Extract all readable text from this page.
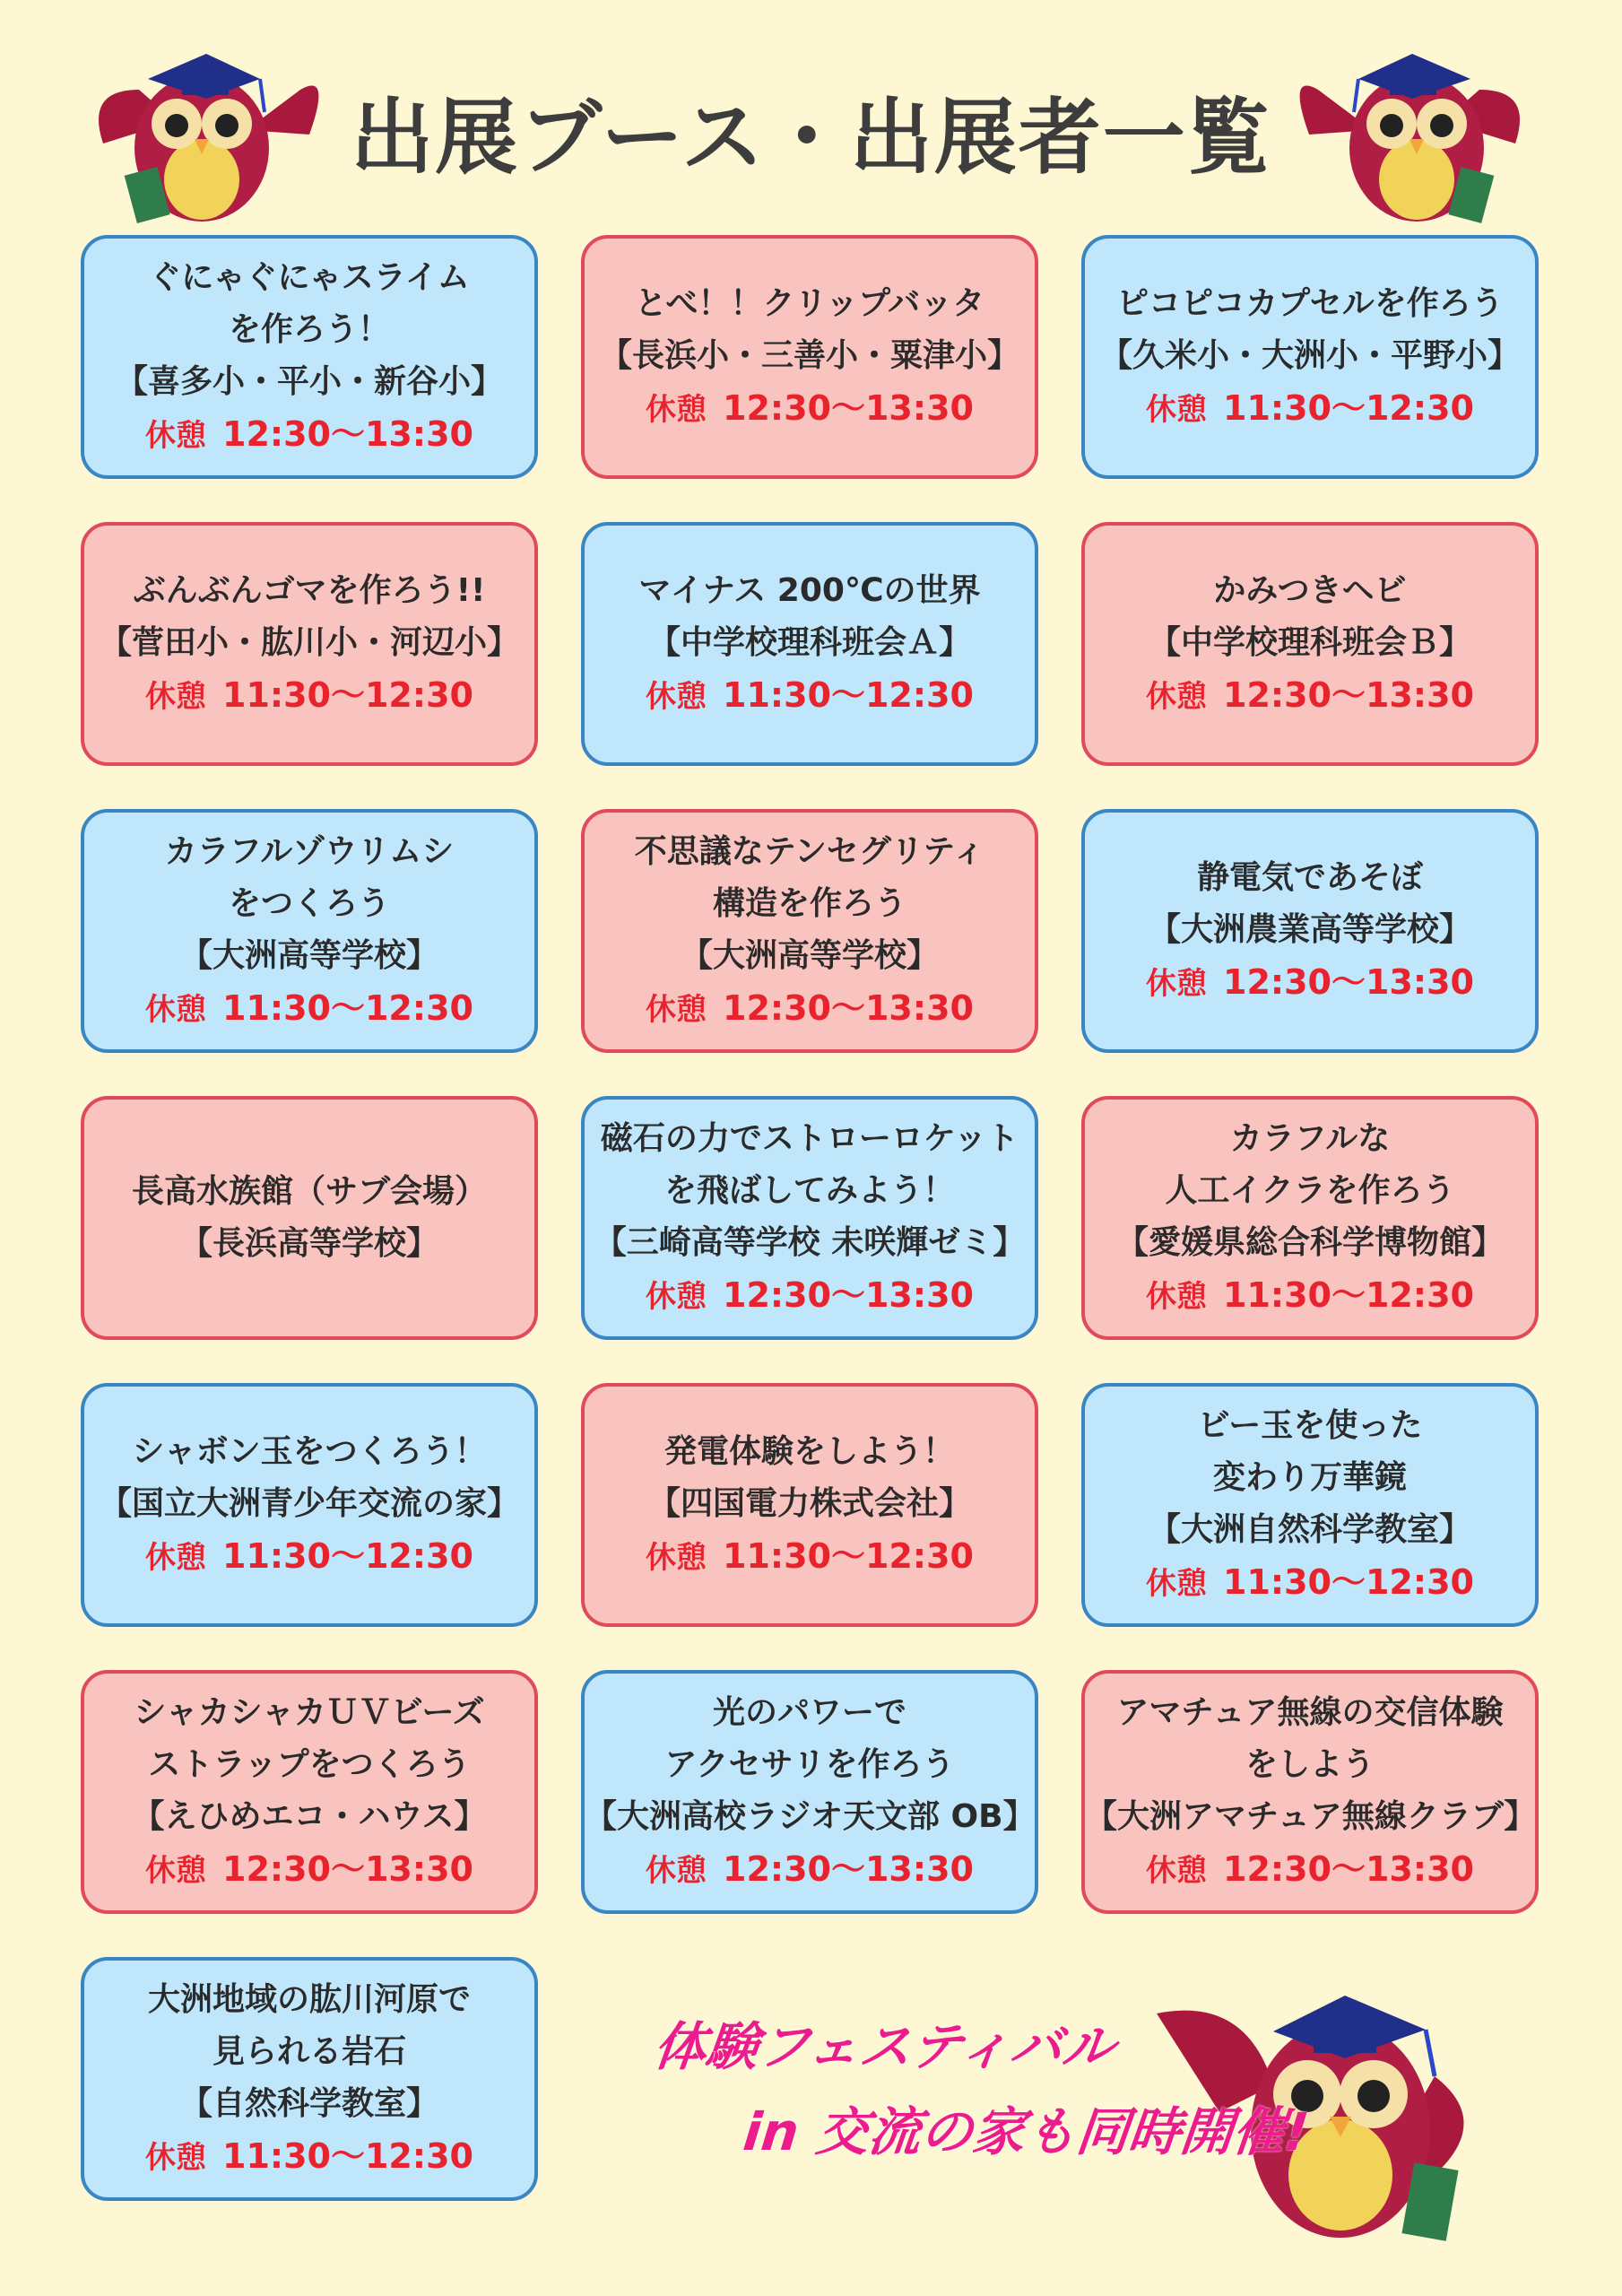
出展ブース・出展者一覧
ぐにゃぐにゃスライム
を作ろう！
【喜多小・平小・新谷小】
休憩 12:30～13:30
とべ！！クリップバッタ
【長浜小・三善小・粟津小】
休憩 12:30～13:30
ピコピコカプセルを作ろう
【久米小・大洲小・平野小】
休憩 11:30～12:30
ぶんぶんゴマを作ろう!!
【菅田小・肱川小・河辺小】
休憩 11:30～12:30
マイナス 200℃の世界
【中学校理科班会Ａ】
休憩 11:30～12:30
かみつきヘビ
【中学校理科班会Ｂ】
休憩 12:30～13:30
カラフルゾウリムシ
をつくろう
【大洲高等学校】
休憩 11:30～12:30
不思議なテンセグリティ
構造を作ろう
【大洲高等学校】
休憩 12:30～13:30
静電気であそぼ
【大洲農業高等学校】
休憩 12:30～13:30
長高水族館（サブ会場）
【長浜高等学校】
磁石の力でストローロケット
を飛ばしてみよう！
【三崎高等学校 未咲輝ゼミ】
休憩 12:30～13:30
カラフルな
人工イクラを作ろう
【愛媛県総合科学博物館】
休憩 11:30～12:30
シャボン玉をつくろう！
【国立大洲青少年交流の家】
休憩 11:30～12:30
発電体験をしよう！
【四国電力株式会社】
休憩 11:30～12:30
ビー玉を使った
変わり万華鏡
【大洲自然科学教室】
休憩 11:30～12:30
シャカシャカＵＶビーズ
ストラップをつくろう
【えひめエコ・ハウス】
休憩 12:30～13:30
光のパワーで
アクセサリを作ろう
【大洲高校ラジオ天文部 OB】
休憩 12:30～13:30
アマチュア無線の交信体験
をしよう
【大洲アマチュア無線クラブ】
休憩 12:30～13:30
大洲地域の肱川河原で
見られる岩石
【自然科学教室】
休憩 11:30～12:30
体験フェスティバル
in 交流の家も同時開催!
